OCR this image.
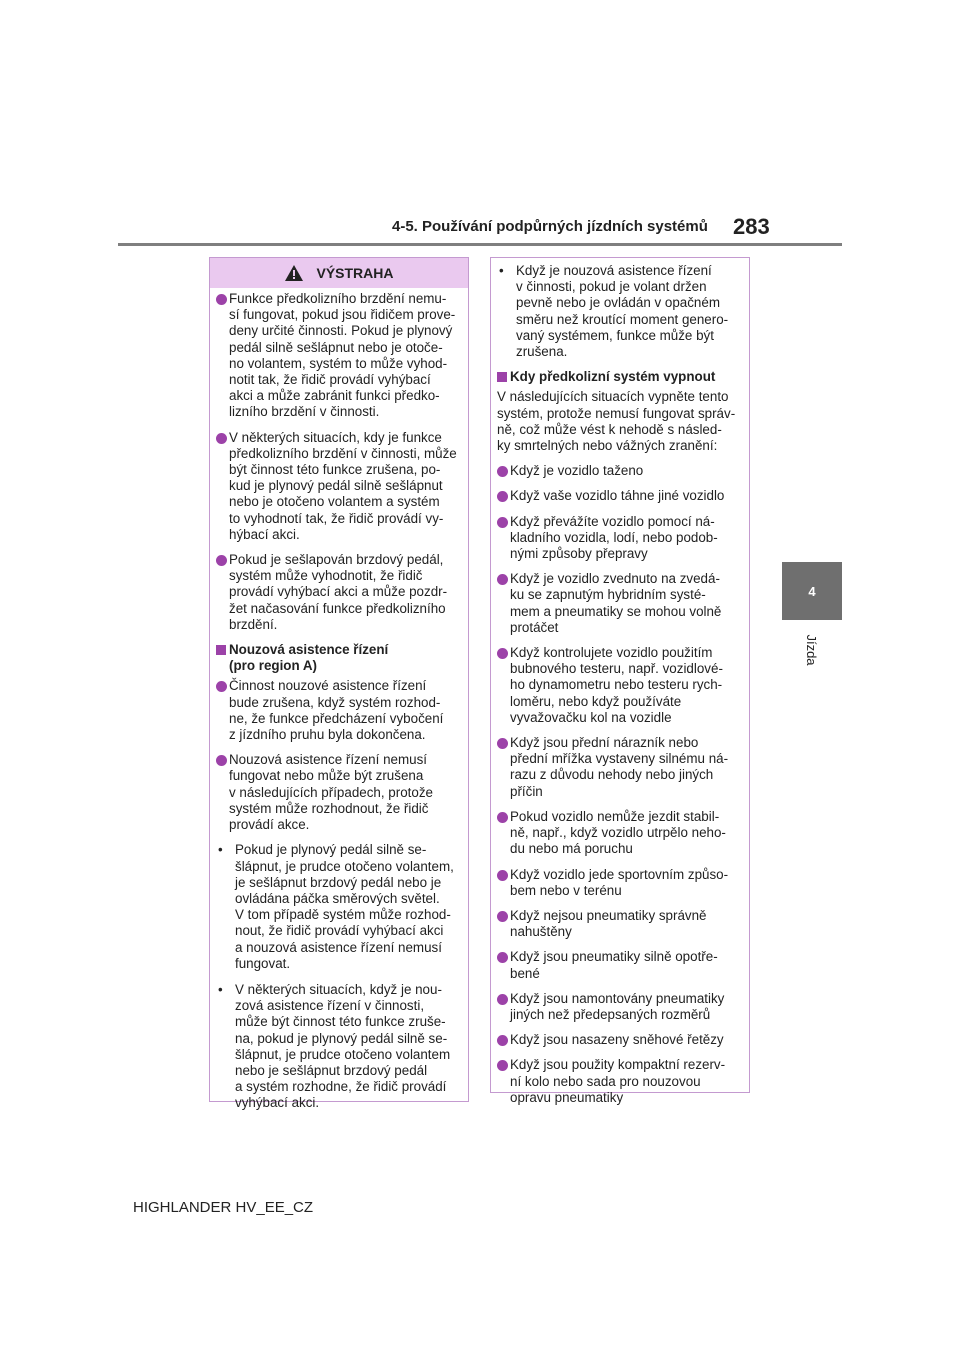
4-5. Používání podpůrných jízdních systémů 283
4
Jízda
VÝSTRAHA
Funkce předkolizního brzdění nemu-
sí fungovat, pokud jsou řidičem prove-
deny určité činnosti. Pokud je plynový
pedál silně sešlápnut nebo je otoče-
no volantem, systém to může vyhod-
notit tak, že řidič provádí vyhýbací
akci a může zabránit funkci předko-
lizního brzdění v činnosti.
V některých situacích, kdy je funkce
předkolizního brzdění v činnosti, může
být činnost této funkce zrušena, po-
kud je plynový pedál silně sešlápnut
nebo je otočeno volantem a systém
to vyhodnotí tak, že řidič provádí vy-
hýbací akci.
Pokud je sešlapován brzdový pedál,
systém může vyhodnotit, že řidič
provádí vyhýbací akci a může pozdr-
žet načasování funkce předkolizního
brzdění.
Nouzová asistence řízení
(pro region A)
Činnost nouzové asistence řízení
bude zrušena, když systém rozhod-
ne, že funkce předcházení vybočení
z jízdního pruhu byla dokončena.
Nouzová asistence řízení nemusí
fungovat nebo může být zrušena
v následujících případech, protože
systém může rozhodnout, že řidič
provádí akce.
• Pokud je plynový pedál silně se-
šlápnut, je prudce otočeno volantem,
je sešlápnut brzdový pedál nebo je
ovládána páčka směrových světel.
V tom případě systém může rozhod-
nout, že řidič provádí vyhýbací akci
a nouzová asistence řízení nemusí
fungovat.
• V některých situacích, když je nou-
zová asistence řízení v činnosti,
může být činnost této funkce zruše-
na, pokud je plynový pedál silně se-
šlápnut, je prudce otočeno volantem
nebo je sešlápnut brzdový pedál
a systém rozhodne, že řidič provádí
vyhýbací akci.
• Když je nouzová asistence řízení
v činnosti, pokud je volant držen
pevně nebo je ovládán v opačném
směru než kroutící moment genero-
vaný systémem, funkce může být
zrušena.
Kdy předkolizní systém vypnout
V následujících situacích vypněte tento
systém, protože nemusí fungovat správ-
ně, což může vést k nehodě s násled-
ky smrtelných nebo vážných zranění:
Když je vozidlo taženo
Když vaše vozidlo táhne jiné vozidlo
Když převážíte vozidlo pomocí ná-
kladního vozidla, lodí, nebo podob-
nými způsoby přepravy
Když je vozidlo zvednuto na zvedá-
ku se zapnutým hybridním systé-
mem a pneumatiky se mohou volně
protáčet
Když kontrolujete vozidlo použitím
bubnového testeru, např. vozidlové-
ho dynamometru nebo testeru rych-
loměru, nebo když používáte
vyvažovačku kol na vozidle
Když jsou přední nárazník nebo
přední mřížka vystaveny silnému ná-
razu z důvodu nehody nebo jiných
příčin
Pokud vozidlo nemůže jezdit stabil-
ně, např., když vozidlo utrpělo neho-
du nebo má poruchu
Když vozidlo jede sportovním způso-
bem nebo v terénu
Když nejsou pneumatiky správně
nahuštěny
Když jsou pneumatiky silně opotře-
bené
Když jsou namontovány pneumatiky
jiných než předepsaných rozměrů
Když jsou nasazeny sněhové řetězy
Když jsou použity kompaktní rezerv-
ní kolo nebo sada pro nouzovou
opravu pneumatiky
HIGHLANDER HV_EE_CZ
